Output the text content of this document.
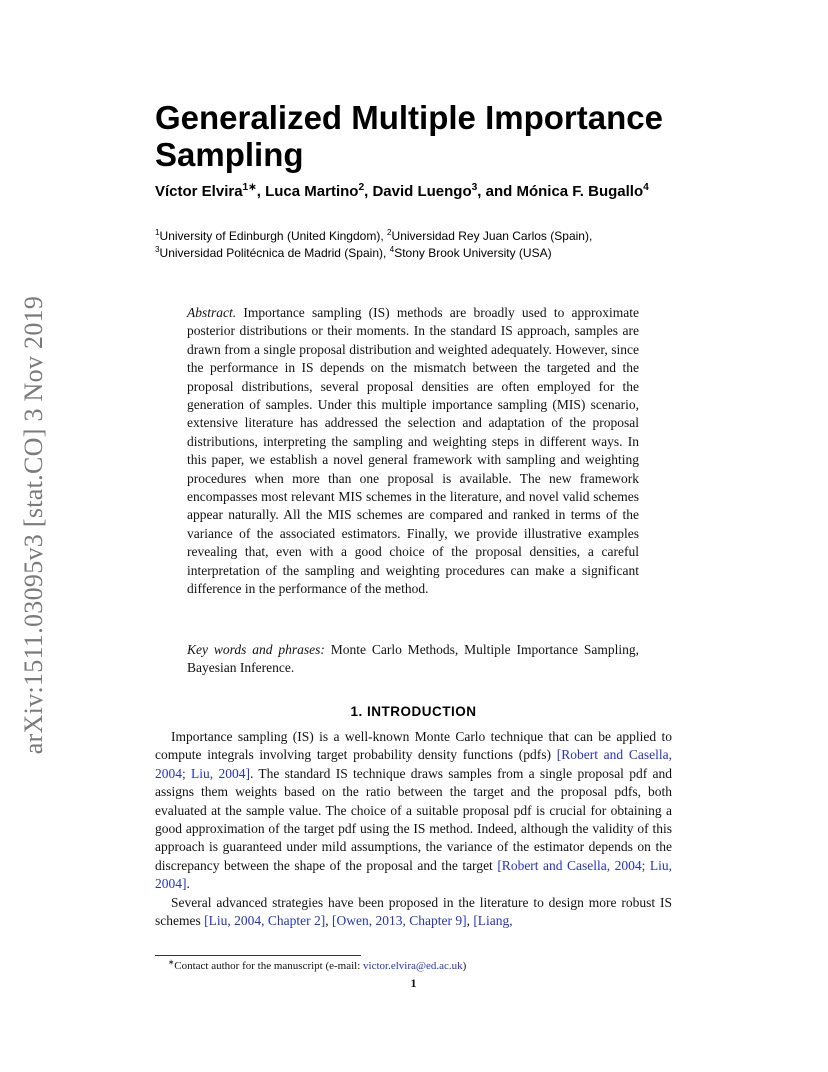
arXiv:1511.03095v3 [stat.CO] 3 Nov 2019
Generalized Multiple Importance Sampling
Víctor Elvira$^{1∗}$, Luca Martino$^2$, David Luengo$^3$, and Mónica F. Bugallo$^4$
$^1$University of Edinburgh (United Kingdom), $^2$Universidad Rey Juan Carlos (Spain),
$^3$Universidad Politécnica de Madrid (Spain), $^4$Stony Brook University (USA)
Abstract. Importance sampling (IS) methods are broadly used to approximate posterior distributions or their moments. In the standard IS approach, samples are drawn from a single proposal distribution and weighted adequately. However, since the performance in IS depends on the mismatch between the targeted and the proposal distributions, several proposal densities are often employed for the generation of samples. Under this multiple importance sampling (MIS) scenario, extensive literature has addressed the selection and adaptation of the proposal distributions, interpreting the sampling and weighting steps in different ways. In this paper, we establish a novel general framework with sampling and weighting procedures when more than one proposal is available. The new framework encompasses most relevant MIS schemes in the literature, and novel valid schemes appear naturally. All the MIS schemes are compared and ranked in terms of the variance of the associated estimators. Finally, we provide illustrative examples revealing that, even with a good choice of the proposal densities, a careful interpretation of the sampling and weighting procedures can make a significant difference in the performance of the method.
Key words and phrases: Monte Carlo Methods, Multiple Importance Sampling, Bayesian Inference.
1. INTRODUCTION

Importance sampling (IS) is a well-known Monte Carlo technique that can be applied to compute integrals involving target probability density functions (pdfs) [Robert and Casella, 2004; Liu, 2004]. The standard IS technique draws samples from a single proposal pdf and assigns them weights based on the ratio between the target and the proposal pdfs, both evaluated at the sample value. The choice of a suitable proposal pdf is crucial for obtaining a good approximation of the target pdf using the IS method. Indeed, although the validity of this approach is guaranteed under mild assumptions, the variance of the estimator depends on the discrepancy between the shape of the proposal and the target [Robert and Casella, 2004; Liu, 2004].

Several advanced strategies have been proposed in the literature to design more robust IS schemes [Liu, 2004, Chapter 2], [Owen, 2013, Chapter 9], [Liang,

∗Contact author for the manuscript (e-mail: victor.elvira@ed.ac.uk)
1
